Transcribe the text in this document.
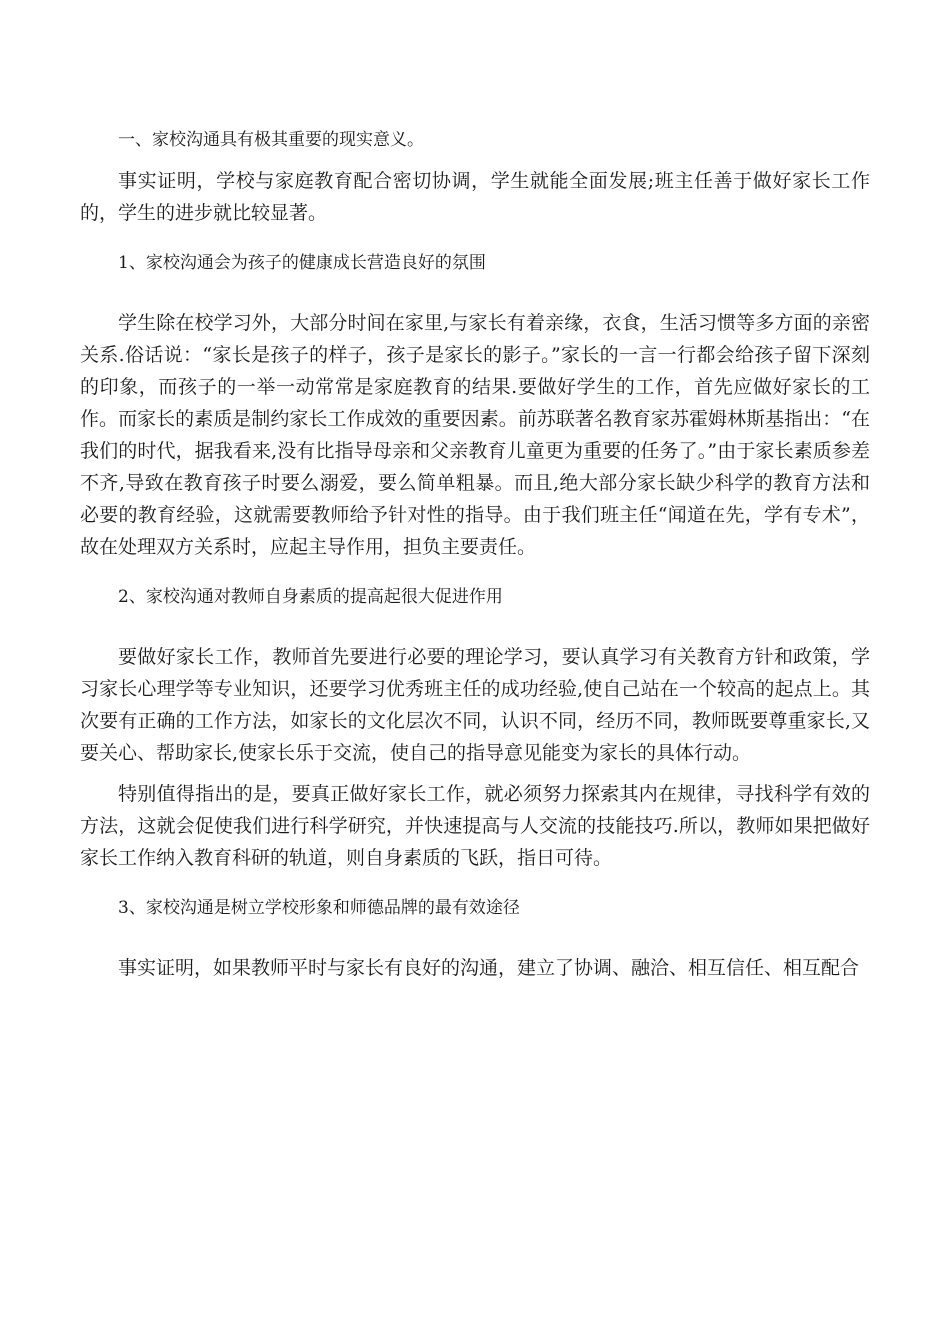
一、家校沟通具有极其重要的现实意义。

事实证明，学校与家庭教育配合密切协调，学生就能全面发展;班主任善于做好家长工作的，学生的进步就比较显著。

1、家校沟通会为孩子的健康成长营造良好的氛围

学生除在校学习外，大部分时间在家里,与家长有着亲缘，衣食，生活习惯等多方面的亲密关系.俗话说：“家长是孩子的样子，孩子是家长的影子。”家长的一言一行都会给孩子留下深刻的印象，而孩子的一举一动常常是家庭教育的结果.要做好学生的工作，首先应做好家长的工作。而家长的素质是制约家长工作成效的重要因素。前苏联著名教育家苏霍姆林斯基指出：“在我们的时代，据我看来,没有比指导母亲和父亲教育儿童更为重要的任务了。”由于家长素质参差不齐,导致在教育孩子时要么溺爱，要么简单粗暴。而且,绝大部分家长缺少科学的教育方法和必要的教育经验，这就需要教师给予针对性的指导。由于我们班主任“闻道在先，学有专术”，故在处理双方关系时，应起主导作用，担负主要责任。

2、家校沟通对教师自身素质的提高起很大促进作用

要做好家长工作，教师首先要进行必要的理论学习，要认真学习有关教育方针和政策，学习家长心理学等专业知识，还要学习优秀班主任的成功经验,使自己站在一个较高的起点上。其次要有正确的工作方法，如家长的文化层次不同，认识不同，经历不同，教师既要尊重家长,又要关心、帮助家长,使家长乐于交流，使自己的指导意见能变为家长的具体行动。

特别值得指出的是，要真正做好家长工作，就必须努力探索其内在规律，寻找科学有效的方法，这就会促使我们进行科学研究，并快速提高与人交流的技能技巧.所以，教师如果把做好家长工作纳入教育科研的轨道，则自身素质的飞跃，指日可待。

3、家校沟通是树立学校形象和师德品牌的最有效途径

事实证明，如果教师平时与家长有良好的沟通，建立了协调、融洽、相互信任、相互配合
